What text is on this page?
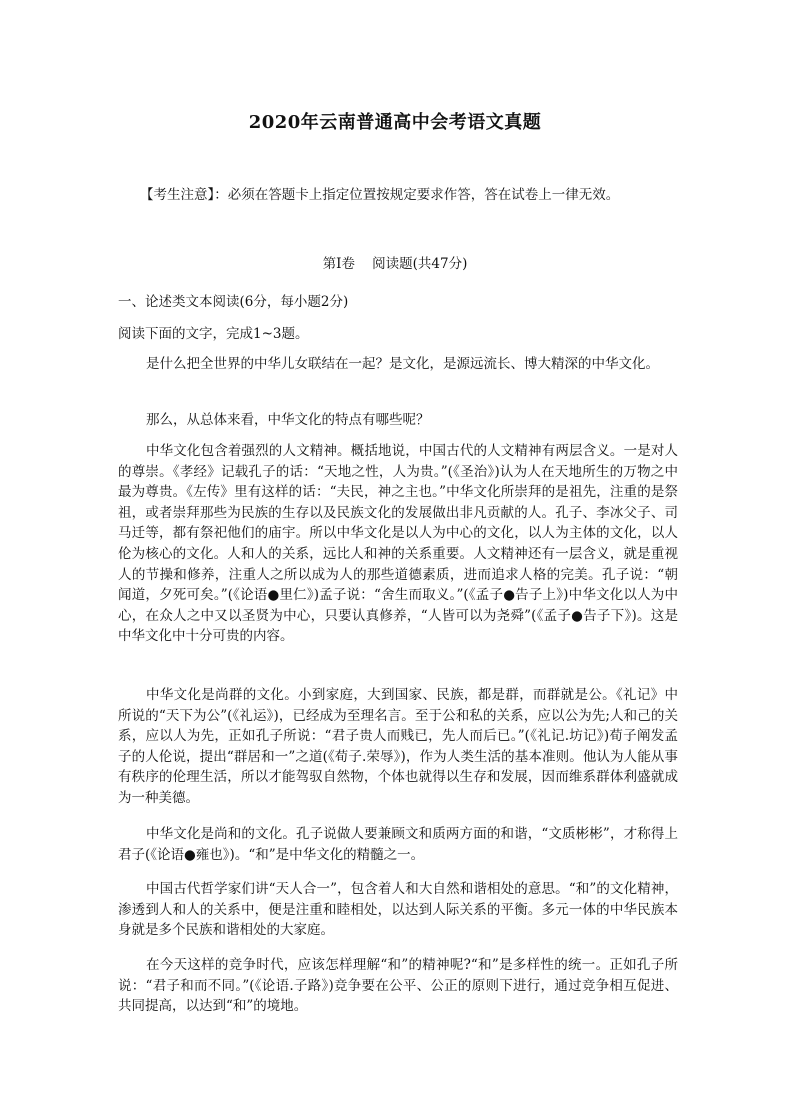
2020年云南普通高中会考语文真题
【考生注意】：必须在答题卡上指定位置按规定要求作答，答在试卷上一律无效。
第Ⅰ卷    阅读题(共47分)
一、论述类文本阅读(6分，每小题2分)
阅读下面的文字，完成1~3题。
是什么把全世界的中华儿女联结在一起？是文化，是源远流长、博大精深的中华文化。
那么，从总体来看，中华文化的特点有哪些呢？
中华文化包含着强烈的人文精神。概括地说，中国古代的人文精神有两层含义。一是对人的尊崇。《孝经》记载孔子的话：“天地之性，人为贵。”(《圣治》)认为人在天地所生的万物之中最为尊贵。《左传》里有这样的话：“夫民，神之主也。”中华文化所崇拜的是祖先，注重的是祭祖，或者崇拜那些为民族的生存以及民族文化的发展做出非凡贡献的人。孔子、李冰父子、司马迁等，都有祭祀他们的庙宇。所以中华文化是以人为中心的文化，以人为主体的文化，以人伦为核心的文化。人和人的关系，远比人和神的关系重要。人文精神还有一层含义，就是重视人的节操和修养，注重人之所以成为人的那些道德素质，进而追求人格的完美。孔子说：“朝闻道，夕死可矣。”(《论语●里仁》)孟子说：“舍生而取义。”(《孟子●告子上》)中华文化以人为中心，在众人之中又以圣贤为中心，只要认真修养，“人皆可以为尧舜”(《孟子●告子下》)。这是中华文化中十分可贵的内容。
中华文化是尚群的文化。小到家庭，大到国家、民族，都是群，而群就是公。《礼记》中所说的“天下为公”(《礼运》)，已经成为至理名言。至于公和私的关系，应以公为先;人和己的关系，应以人为先，正如孔子所说：“君子贵人而贱已，先人而后已。”(《礼记.坊记》)荀子阐发孟子的人伦说，提出“群居和一”之道(《荀子.荣辱》)，作为人类生活的基本准则。他认为人能从事有秩序的伦理生活，所以才能驾驭自然物，个体也就得以生存和发展，因而维系群体利盛就成为一种美德。
中华文化是尚和的文化。孔子说做人要兼顾文和质两方面的和谐，“文质彬彬”，才称得上君子(《论语●雍也》)。“和”是中华文化的精髓之一。
中国古代哲学家们讲“天人合一”，包含着人和大自然和谐相处的意思。“和”的文化精神，渗透到人和人的关系中，便是注重和睦相处，以达到人际关系的平衡。多元一体的中华民族本身就是多个民族和谐相处的大家庭。
在今天这样的竞争时代，应该怎样理解“和”的精神呢?“和”是多样性的统一。正如孔子所说：“君子和而不同。”(《论语.子路》)竞争要在公平、公正的原则下进行，通过竞争相互促进、共同提高，以达到“和”的境地。
